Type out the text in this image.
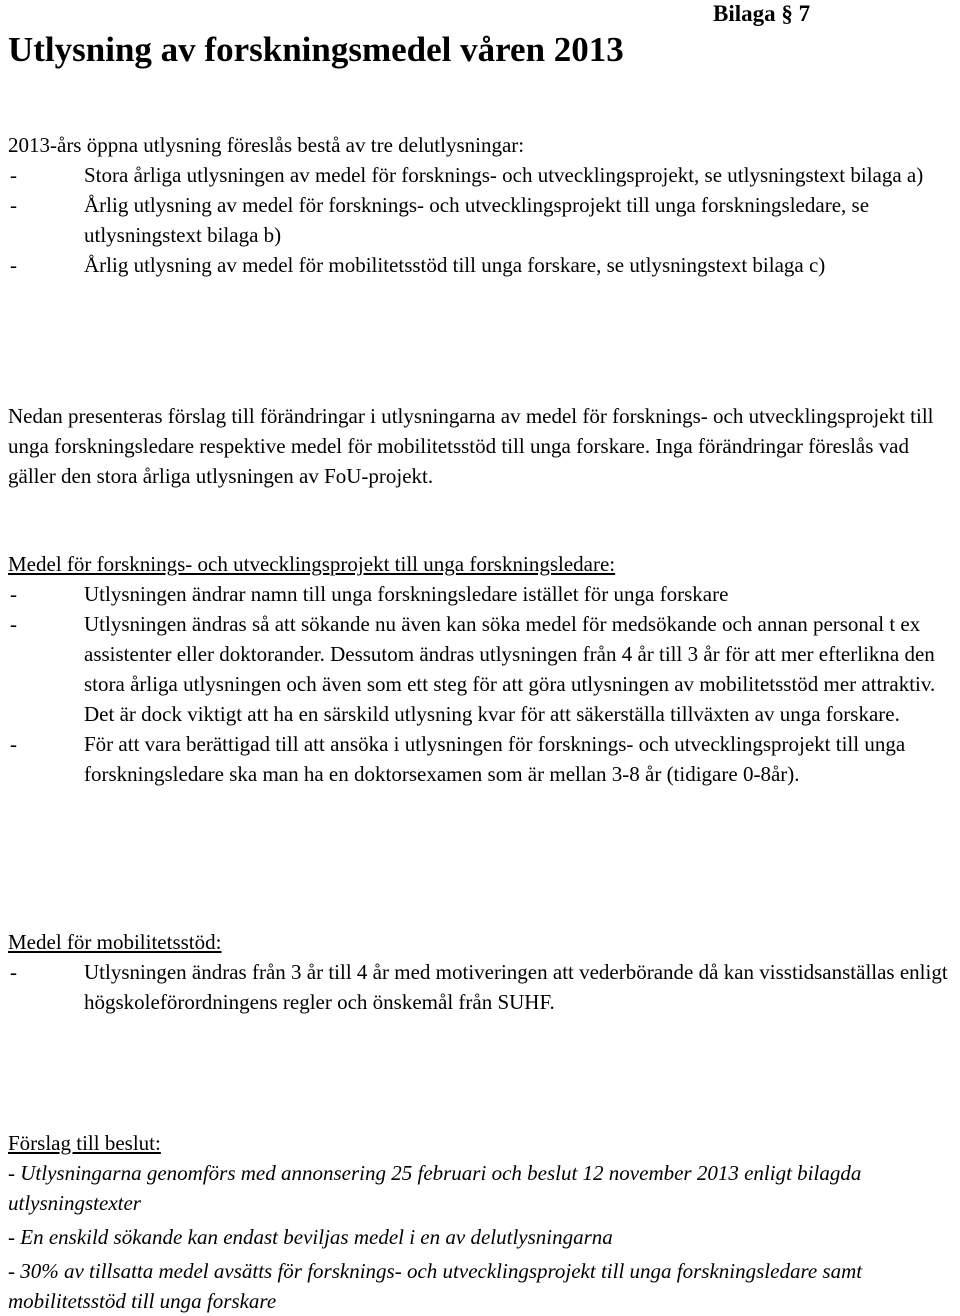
Bilaga § 7
Utlysning av forskningsmedel våren 2013

2013-års öppna utlysning föreslås bestå av tre delutlysningar:

-	Stora årliga utlysningen av medel för forsknings- och utvecklingsprojekt, se utlysningstext bilaga a)
-	Årlig utlysning av medel för forsknings- och utvecklingsprojekt till unga forskningsledare, se utlysningstext bilaga b)
-	Årlig utlysning av medel för mobilitetsstöd till unga forskare, se utlysningstext bilaga c)

Nedan presenteras förslag till förändringar i utlysningarna av medel för forsknings- och utvecklingsprojekt till unga forskningsledare respektive medel för mobilitetsstöd till unga forskare. Inga förändringar föreslås vad gäller den stora årliga utlysningen av FoU-projekt.

Medel för forsknings- och utvecklingsprojekt till unga forskningsledare:

-	Utlysningen ändrar namn till unga forskningsledare istället för unga forskare
-	Utlysningen ändras så att sökande nu även kan söka medel för medsökande och annan personal t ex assistenter eller doktorander. Dessutom ändras utlysningen från 4 år till 3 år för att mer efterlikna den stora årliga utlysningen och även som ett steg för att göra utlysningen av mobilitetsstöd mer attraktiv. Det är dock viktigt att ha en särskild utlysning kvar för att säkerställa tillväxten av unga forskare.
-	För att vara berättigad till att ansöka i utlysningen för forsknings- och utvecklingsprojekt till unga forskningsledare ska man ha en doktorsexamen som är mellan 3-8 år (tidigare 0-8år).

Medel för mobilitetsstöd:

-	Utlysningen ändras från 3 år till 4 år med motiveringen att vederbörande då kan visstidsanställas enligt högskoleförordningens regler och önskemål från SUHF.

Förslag till beslut:

- Utlysningarna genomförs med annonsering 25 februari och beslut 12 november 2013 enligt bilagda utlysningstexter

- En enskild sökande kan endast beviljas medel i en av delutlysningarna

- 30% av tillsatta medel avsätts för forsknings- och utvecklingsprojekt till unga forskningsledare samt mobilitetsstöd till unga forskare
